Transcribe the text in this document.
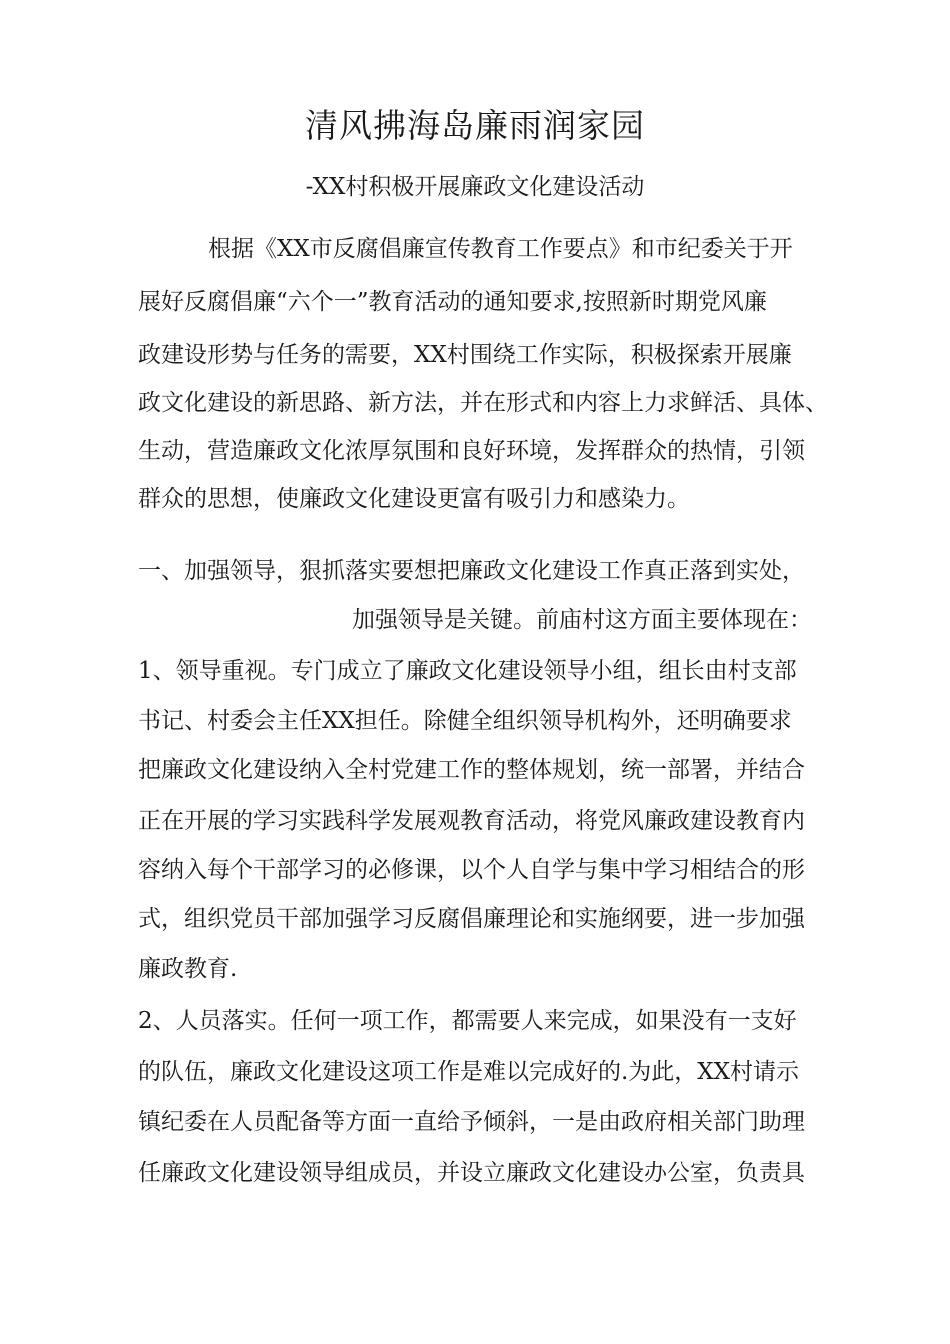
清风拂海岛廉雨润家园
-XX村积极开展廉政文化建设活动
根据《XX市反腐倡廉宣传教育工作要点》和市纪委关于开
展好反腐倡廉“六个一”教育活动的通知要求,按照新时期党风廉
政建设形势与任务的需要，XX村围绕工作实际，积极探索开展廉
政文化建设的新思路、新方法，并在形式和内容上力求鲜活、具体、
生动，营造廉政文化浓厚氛围和良好环境，发挥群众的热情，引领
群众的思想，使廉政文化建设更富有吸引力和感染力。
一、加强领导，狠抓落实要想把廉政文化建设工作真正落到实处，
加强领导是关键。前庙村这方面主要体现在：
1、领导重视。专门成立了廉政文化建设领导小组，组长由村支部
书记、村委会主任XX担任。除健全组织领导机构外，还明确要求
把廉政文化建设纳入全村党建工作的整体规划，统一部署，并结合
正在开展的学习实践科学发展观教育活动，将党风廉政建设教育内
容纳入每个干部学习的必修课，以个人自学与集中学习相结合的形
式，组织党员干部加强学习反腐倡廉理论和实施纲要，进一步加强
廉政教育.
2、人员落实。任何一项工作，都需要人来完成，如果没有一支好
的队伍，廉政文化建设这项工作是难以完成好的.为此，XX村请示
镇纪委在人员配备等方面一直给予倾斜，一是由政府相关部门助理
任廉政文化建设领导组成员，并设立廉政文化建设办公室，负责具
